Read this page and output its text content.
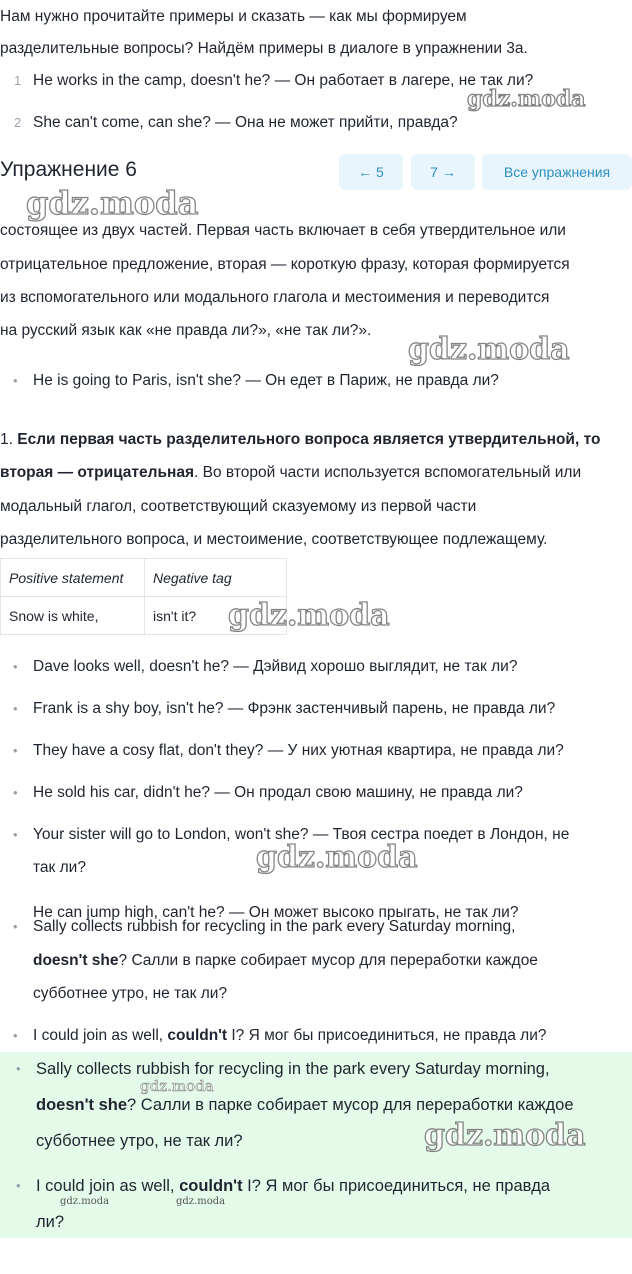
Нам нужно прочитайте примеры и сказать — как мы формируем

разделительные вопросы? Найдём примеры в диалоге в упражнении 3a.

1 He works in the camp, doesn't he? — Он работает в лагере, не так ли?
2 She can't come, can she? — Она не может прийти, правда?
Упражнение 6	← 5	7 →	Все упражнения

состоящее из двух частей. Первая часть включает в себя утвердительное или

отрицательное предложение, вторая — короткую фразу, которая формируется

из вспомогательного или модального глагола и местоимения и переводится

на русский язык как «не правда ли?», «не так ли?».

• He is going to Paris, isn't she? — Он едет в Париж, не правда ли?

1. Если первая часть разделительного вопроса является утвердительной, то

вторая — отрицательная. Во второй части используется вспомогательный или

модальный глагол, соответствующий сказуемому из первой части

разделительного вопроса, и местоимение, соответствующее подлежащему.

Positive statement	Negative tag
Snow is white,	isn't it?
• Dave looks well, doesn't he? — Дэйвид хорошо выглядит, не так ли?
• Frank is a shy boy, isn't he? — Фрэнк застенчивый парень, не правда ли?
• They have a cosy flat, don't they? — У них уютная квартира, не правда ли?
• He sold his car, didn't he? — Он продал свою машину, не правда ли?
• Your sister will go to London, won't she? — Твоя сестра поедет в Лондон, не

так ли?

He can jump high, can't he? — Он может высоко прыгать, не так ли?
• Sally collects rubbish for recycling in the park every Saturday morning,

doesn't she? Салли в парке собирает мусор для переработки каждое

субботнее утро, не так ли?

• I could join as well, couldn't I? Я мог бы присоединиться, не правда ли?
• Sally collects rubbish for recycling in the park every Saturday morning,

doesn't she? Салли в парке собирает мусор для переработки каждое

субботнее утро, не так ли?

• I could join as well, couldn't I? Я мог бы присоединиться, не правда

ли?

gdz.moda
gdz.moda
gdz.moda
gdz.moda
gdz.moda
gdz.moda
gdz.moda
gdz.moda	gdz.moda
